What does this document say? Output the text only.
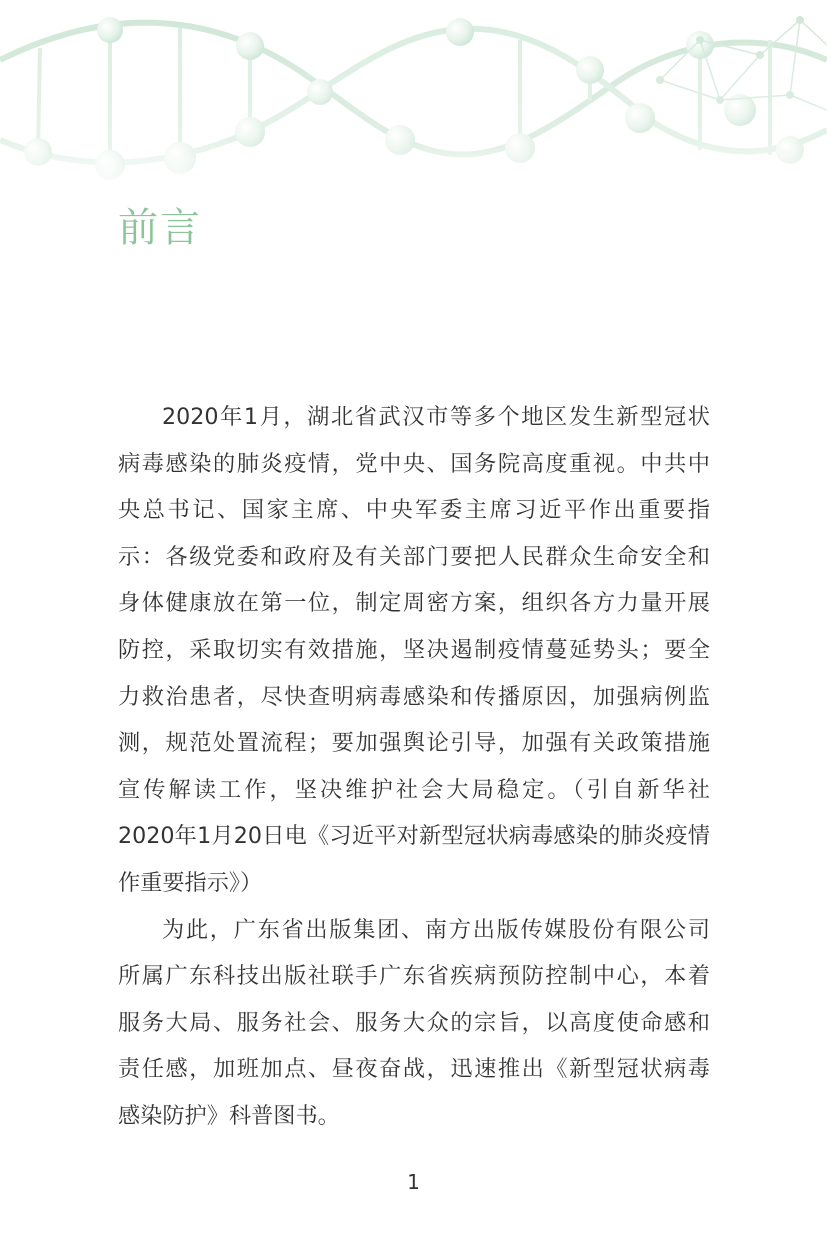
前言
2020年1月，湖北省武汉市等多个地区发生新型冠状
病毒感染的肺炎疫情，党中央、国务院高度重视。中共中
央总书记、国家主席、中央军委主席习近平作出重要指
示：各级党委和政府及有关部门要把人民群众生命安全和
身体健康放在第一位，制定周密方案，组织各方力量开展
防控，采取切实有效措施，坚决遏制疫情蔓延势头；要全
力救治患者，尽快查明病毒感染和传播原因，加强病例监
测，规范处置流程；要加强舆论引导，加强有关政策措施
宣传解读工作，坚决维护社会大局稳定。（引自新华社
2020年1月20日电《习近平对新型冠状病毒感染的肺炎疫情
作重要指示》）
为此，广东省出版集团、南方出版传媒股份有限公司
所属广东科技出版社联手广东省疾病预防控制中心，本着
服务大局、服务社会、服务大众的宗旨，以高度使命感和
责任感，加班加点、昼夜奋战，迅速推出《新型冠状病毒
感染防护》科普图书。
1
